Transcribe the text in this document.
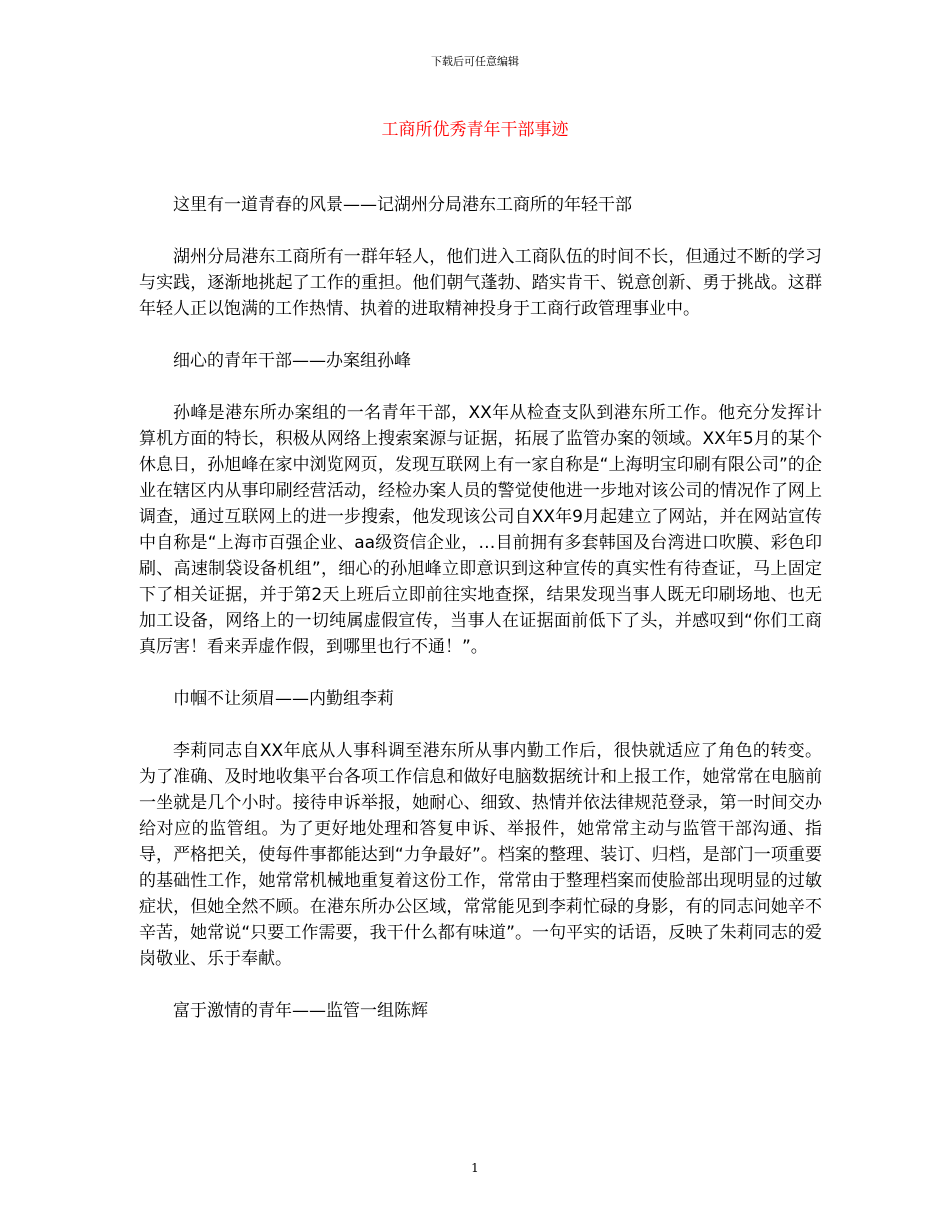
下载后可任意编辑
工商所优秀青年干部事迹

这里有一道青春的风景——记湖州分局港东工商所的年轻干部

湖州分局港东工商所有一群年轻人，他们进入工商队伍的时间不长，但通过不断的学习与实践，逐渐地挑起了工作的重担。他们朝气蓬勃、踏实肯干、锐意创新、勇于挑战。这群年轻人正以饱满的工作热情、执着的进取精神投身于工商行政管理事业中。

细心的青年干部——办案组孙峰

孙峰是港东所办案组的一名青年干部，XX年从检查支队到港东所工作。他充分发挥计算机方面的特长，积极从网络上搜索案源与证据，拓展了监管办案的领域。XX年5月的某个休息日，孙旭峰在家中浏览网页，发现互联网上有一家自称是“上海明宝印刷有限公司”的企业在辖区内从事印刷经营活动，经检办案人员的警觉使他进一步地对该公司的情况作了网上调查，通过互联网上的进一步搜索，他发现该公司自XX年9月起建立了网站，并在网站宣传中自称是“上海市百强企业、aa级资信企业，…目前拥有多套韩国及台湾进口吹膜、彩色印刷、高速制袋设备机组”，细心的孙旭峰立即意识到这种宣传的真实性有待查证，马上固定下了相关证据，并于第2天上班后立即前往实地查探，结果发现当事人既无印刷场地、也无加工设备，网络上的一切纯属虚假宣传，当事人在证据面前低下了头，并感叹到“你们工商真厉害！看来弄虚作假，到哪里也行不通！”。

巾帼不让须眉——内勤组李莉

李莉同志自XX年底从人事科调至港东所从事内勤工作后，很快就适应了角色的转变。为了准确、及时地收集平台各项工作信息和做好电脑数据统计和上报工作，她常常在电脑前一坐就是几个小时。接待申诉举报，她耐心、细致、热情并依法律规范登录，第一时间交办给对应的监管组。为了更好地处理和答复申诉、举报件，她常常主动与监管干部沟通、指导，严格把关，使每件事都能达到“力争最好”。档案的整理、装订、归档，是部门一项重要的基础性工作，她常常机械地重复着这份工作，常常由于整理档案而使脸部出现明显的过敏症状，但她全然不顾。在港东所办公区域，常常能见到李莉忙碌的身影，有的同志问她辛不辛苦，她常说“只要工作需要，我干什么都有味道”。一句平实的话语，反映了朱莉同志的爱岗敬业、乐于奉献。

富于激情的青年——监管一组陈辉

1
